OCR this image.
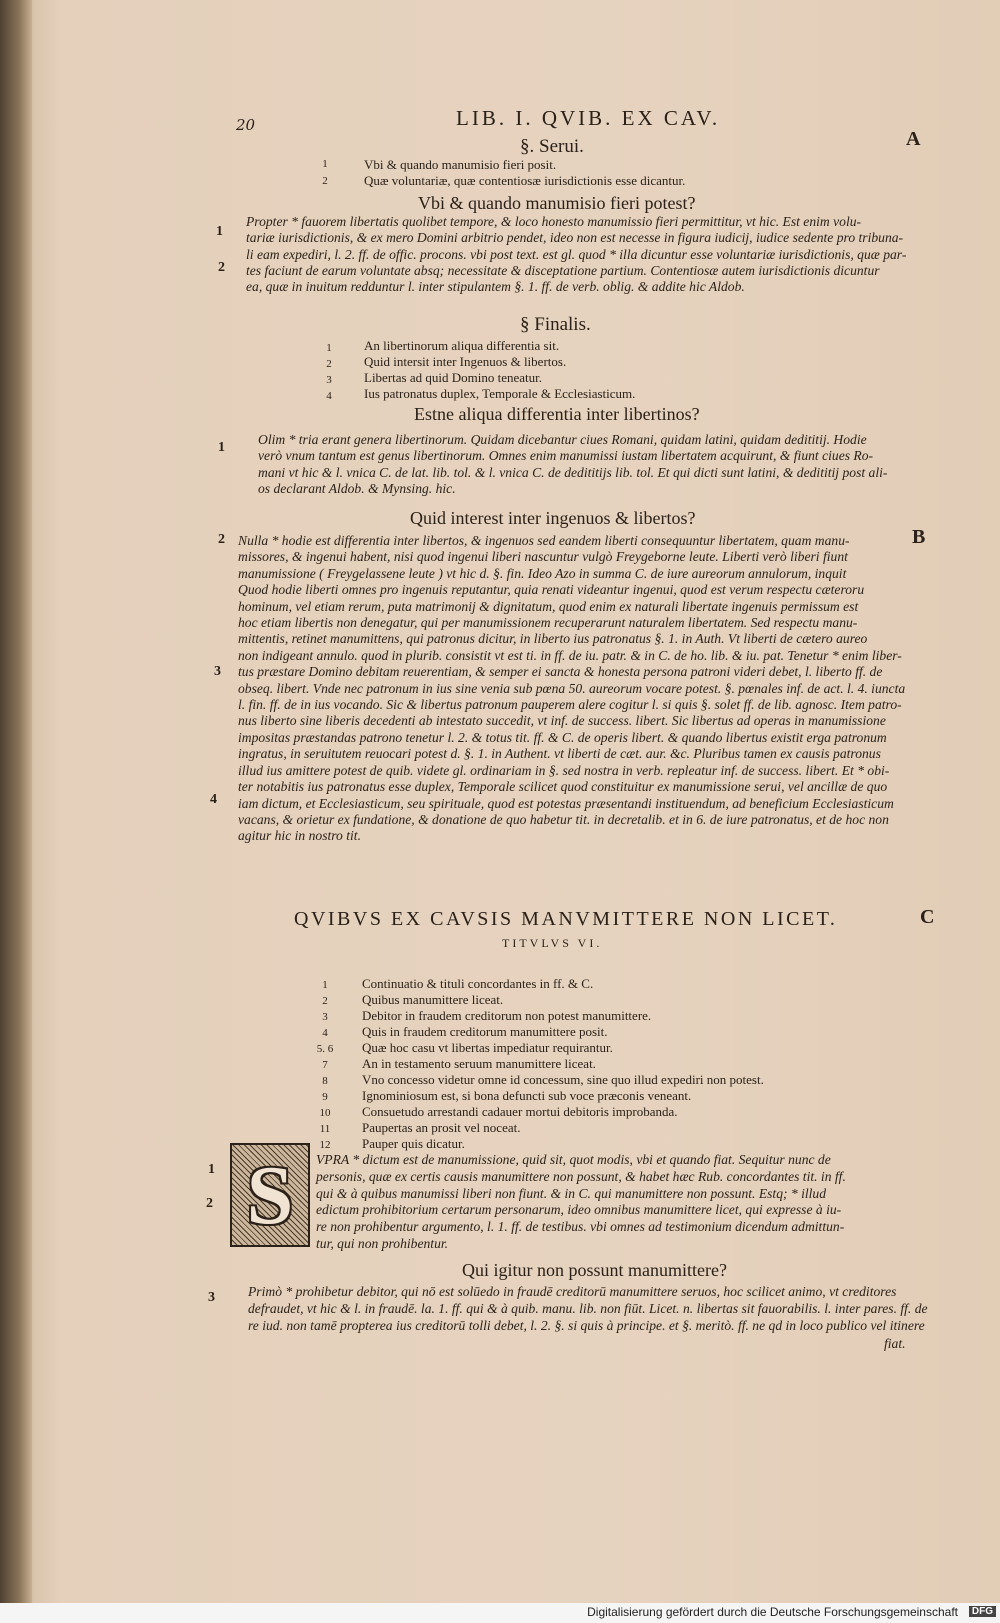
20	LIB. I. QVIB. EX CAV.
A
B
C
§. Serui.
1	Vbi & quando manumisio fieri posit.
2	Quæ voluntariæ, quæ contentiosæ iurisdictionis esse dicantur.
Vbi & quando manumisio fieri potest?
1
2
Propter * fauorem libertatis quolibet tempore, & loco honesto manumissio fieri permittitur, vt hic. Est enim volu-
tariæ iurisdictionis, & ex mero Domini arbitrio pendet, ideo non est necesse in figura iudicij, iudice sedente pro tribuna-
li eam expediri, l. 2. ff. de offic. procons. vbi post text. est gl. quod * illa dicuntur esse voluntariæ iurisdictionis, quæ par-
tes faciunt de earum voluntate absq; necessitate & disceptatione partium. Contentiosæ autem iurisdictionis dicuntur
ea, quæ in inuitum redduntur l. inter stipulantem §. 1. ff. de verb. oblig. & addite hic Aldob.
§ Finalis.
1	An libertinorum aliqua differentia sit.
2	Quid intersit inter Ingenuos & libertos.
3	Libertas ad quid Domino teneatur.
4	Ius patronatus duplex, Temporale & Ecclesiasticum.
Estne aliqua differentia inter libertinos?
1
Olim * tria erant genera libertinorum. Quidam dicebantur ciues Romani, quidam latini, quidam dedititij. Hodie
verò vnum tantum est genus libertinorum. Omnes enim manumissi iustam libertatem acquirunt, & fiunt ciues Ro-
mani vt hic & l. vnica C. de lat. lib. tol. & l. vnica C. de dedititijs lib. tol. Et qui dicti sunt latini, & dedititij post ali-
os declarant Aldob. & Mynsing. hic.
Quid interest inter ingenuos & libertos?
2
3
4
Nulla * hodie est differentia inter libertos, & ingenuos sed eandem liberti consequuntur libertatem, quam manu-
missores, & ingenui habent, nisi quod ingenui liberi nascuntur vulgò Freygeborne leute. Liberti verò liberi fiunt
manumissione ( Freygelassene leute ) vt hic d. §. fin. Ideo Azo in summa C. de iure aureorum annulorum, inquit
Quod hodie liberti omnes pro ingenuis reputantur, quia renati videantur ingenui, quod est verum respectu cæteroru
hominum, vel etiam rerum, puta matrimonij & dignitatum, quod enim ex naturali libertate ingenuis permissum est
hoc etiam libertis non denegatur, qui per manumissionem recuperarunt naturalem libertatem. Sed respectu manu-
mittentis, retinet manumittens, qui patronus dicitur, in liberto ius patronatus §. 1. in Auth. Vt liberti de cætero aureo
non indigeant annulo. quod in plurib. consistit vt est ti. in ff. de iu. patr. & in C. de ho. lib. & iu. pat. Tenetur * enim liber-
tus præstare Domino debitam reuerentiam, & semper ei sancta & honesta persona patroni videri debet, l. liberto ff. de
obseq. libert. Vnde nec patronum in ius sine venia sub pœna 50. aureorum vocare potest. §. pœnales inf. de act. l. 4. iuncta
l. fin. ff. de in ius vocando. Sic & libertus patronum pauperem alere cogitur l. si quis §. solet ff. de lib. agnosc. Item patro-
nus liberto sine liberis decedenti ab intestato succedit, vt inf. de success. libert. Sic libertus ad operas in manumissione
impositas præstandas patrono tenetur l. 2. & totus tit. ff. & C. de operis libert. & quando libertus existit erga patronum
ingratus, in seruitutem reuocari potest d. §. 1. in Authent. vt liberti de cæt. aur. &c. Pluribus tamen ex causis patronus
illud ius amittere potest de quib. videte gl. ordinariam in §. sed nostra in verb. repleatur inf. de success. libert. Et * obi-
ter notabitis ius patronatus esse duplex, Temporale scilicet quod constituitur ex manumissione serui, vel ancillæ de quo
iam dictum, et Ecclesiasticum, seu spirituale, quod est potestas præsentandi instituendum, ad beneficium Ecclesiasticum
vacans, & orietur ex fundatione, & donatione de quo habetur tit. in decretalib. et in 6. de iure patronatus, et de hoc non
agitur hic in nostro tit.
QVIBVS EX CAVSIS MANVMITTERE NON LICET.
TITVLVS VI.
1	Continuatio & tituli concordantes in ff. & C.
2	Quibus manumittere liceat.
3	Debitor in fraudem creditorum non potest manumittere.
4	Quis in fraudem creditorum manumittere posit.
5. 6	Quæ hoc casu vt libertas impediatur requirantur.
7	An in testamento seruum manumittere liceat.
8	Vno concesso videtur omne id concessum, sine quo illud expediri non potest.
9	Ignominiosum est, si bona defuncti sub voce præconis veneant.
10	Consuetudo arrestandi cadauer mortui debitoris improbanda.
11	Paupertas an prosit vel noceat.
12	Pauper quis dicatur.
S
1
2
VPRA * dictum est de manumissione, quid sit, quot modis, vbi et quando fiat. Sequitur nunc de
personis, quæ ex certis causis manumittere non possunt, & habet hæc Rub. concordantes tit. in ff.
qui & à quibus manumissi liberi non fiunt. & in C. qui manumittere non possunt. Estq; * illud
edictum prohibitorium certarum personarum, ideo omnibus manumittere licet, qui expresse à iu-
re non prohibentur argumento, l. 1. ff. de testibus. vbi omnes ad testimonium dicendum admittun-
tur, qui non prohibentur.
Qui igitur non possunt manumittere?
3 Primò * prohibetur debitor, qui nō est solūedo in fraudē creditorū manumittere seruos, hoc scilicet animo, vt creditores
defraudet, vt hic & l. in fraudē. la. 1. ff. qui & à quib. manu. lib. non fiūt. Licet. n. libertas sit fauorabilis. l. inter pares. ff. de
re iud. non tamē propterea ius creditorū tolli debet, l. 2. §. si quis à principe. et §. meritò. ff. ne qd in loco publico vel itinere
fiat.
Digitalisierung gefördert durch die Deutsche Forschungsgemeinschaft	DFG
